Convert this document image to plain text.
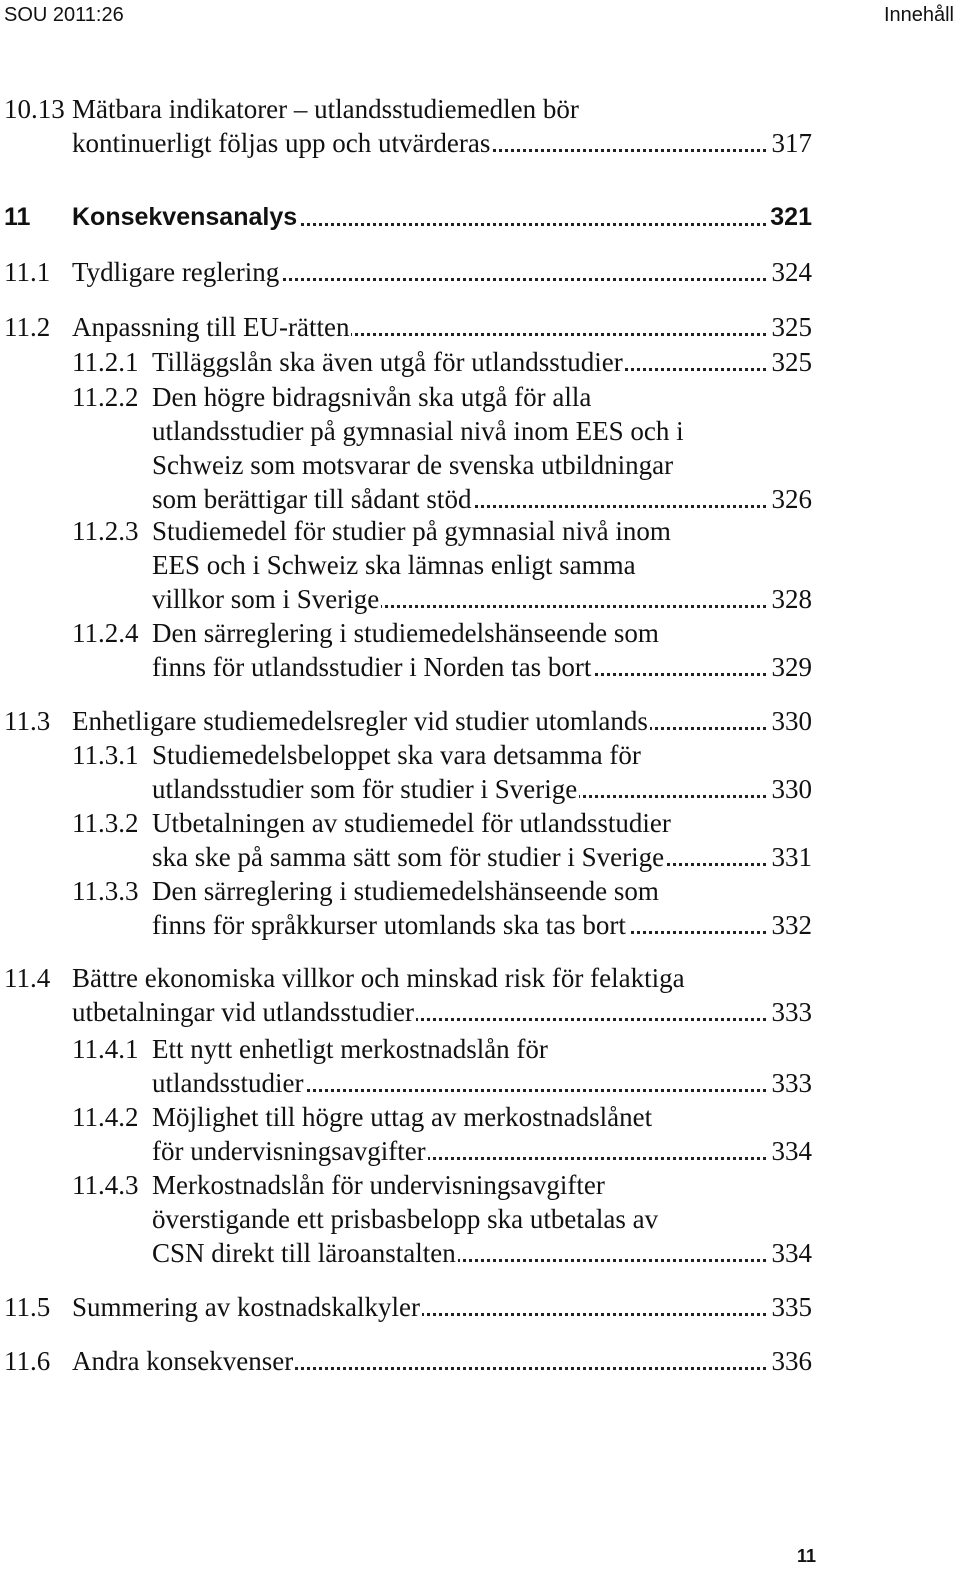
SOU 2011:26	Innehåll
10.13 Mätbara indikatorer – utlandsstudiemedlen bör
kontinuerligt följas upp och utvärderas	317
11 Konsekvensanalys	321
11.1 Tydligare reglering	324
11.2 Anpassning till EU-rätten	325
11.2.1 Tilläggslån ska även utgå för utlandsstudier	325
11.2.2 Den högre bidragsnivån ska utgå för alla
utlandsstudier på gymnasial nivå inom EES och i
Schweiz som motsvarar de svenska utbildningar
som berättigar till sådant stöd	326
11.2.3 Studiemedel för studier på gymnasial nivå inom
EES och i Schweiz ska lämnas enligt samma
villkor som i Sverige	328
11.2.4 Den särreglering i studiemedelshänseende som
finns för utlandsstudier i Norden tas bort	329
11.3 Enhetligare studiemedelsregler vid studier utomlands	330
11.3.1 Studiemedelsbeloppet ska vara detsamma för
utlandsstudier som för studier i Sverige	330
11.3.2 Utbetalningen av studiemedel för utlandsstudier
ska ske på samma sätt som för studier i Sverige	331
11.3.3 Den särreglering i studiemedelshänseende som
finns för språkkurser utomlands ska tas bort	332
11.4 Bättre ekonomiska villkor och minskad risk för felaktiga
utbetalningar vid utlandsstudier	333
11.4.1 Ett nytt enhetligt merkostnadslån för
utlandsstudier	333
11.4.2 Möjlighet till högre uttag av merkostnadslånet
för undervisningsavgifter	334
11.4.3 Merkostnadslån för undervisningsavgifter
överstigande ett prisbasbelopp ska utbetalas av
CSN direkt till läroanstalten	334
11.5 Summering av kostnadskalkyler	335
11.6 Andra konsekvenser	336
11
